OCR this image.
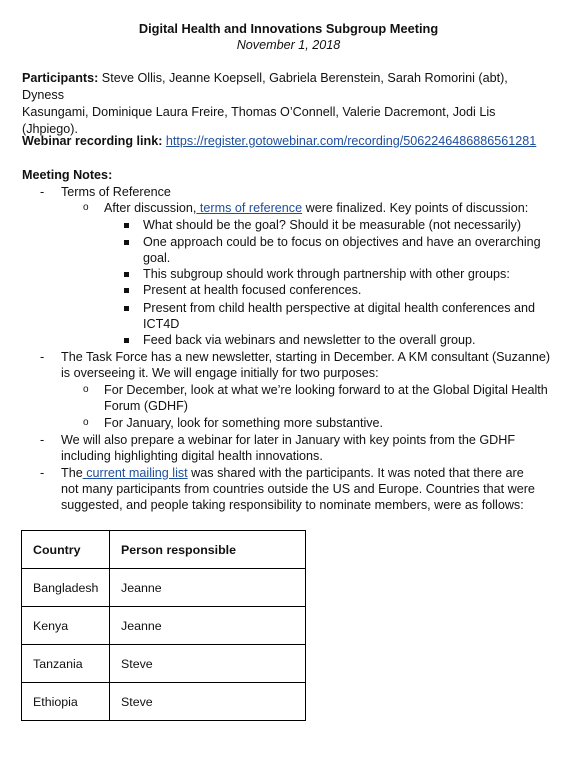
Digital Health and Innovations Subgroup Meeting
November 1, 2018
Participants: Steve Ollis, Jeanne Koepsell, Gabriela Berenstein, Sarah Romorini (abt), Dyness
Kasungami, Dominique Laura Freire, Thomas O’Connell, Valerie Dacremont, Jodi Lis (Jhpiego).
Webinar recording link: https://register.gotowebinar.com/recording/5062246486886561281
Meeting Notes:
- Terms of Reference
o After discussion, terms of reference were finalized. Key points of discussion:
What should be the goal? Should it be measurable (not necessarily)
One approach could be to focus on objectives and have an overarching
goal.
This subgroup should work through partnership with other groups:
Present at health focused conferences.
Present from child health perspective at digital health conferences and
ICT4D
Feed back via webinars and newsletter to the overall group.
- The Task Force has a new newsletter, starting in December. A KM consultant (Suzanne)
is overseeing it. We will engage initially for two purposes:
o For December, look at what we’re looking forward to at the Global Digital Health
Forum (GDHF)
o For January, look for something more substantive.
- We will also prepare a webinar for later in January with key points from the GDHF
including highlighting digital health innovations.
- The current mailing list was shared with the participants. It was noted that there are
not many participants from countries outside the US and Europe. Countries that were
suggested, and people taking responsibility to nominate members, were as follows:
Country	Person responsible
Bangladesh	Jeanne
Kenya	Jeanne
Tanzania	Steve
Ethiopia	Steve
